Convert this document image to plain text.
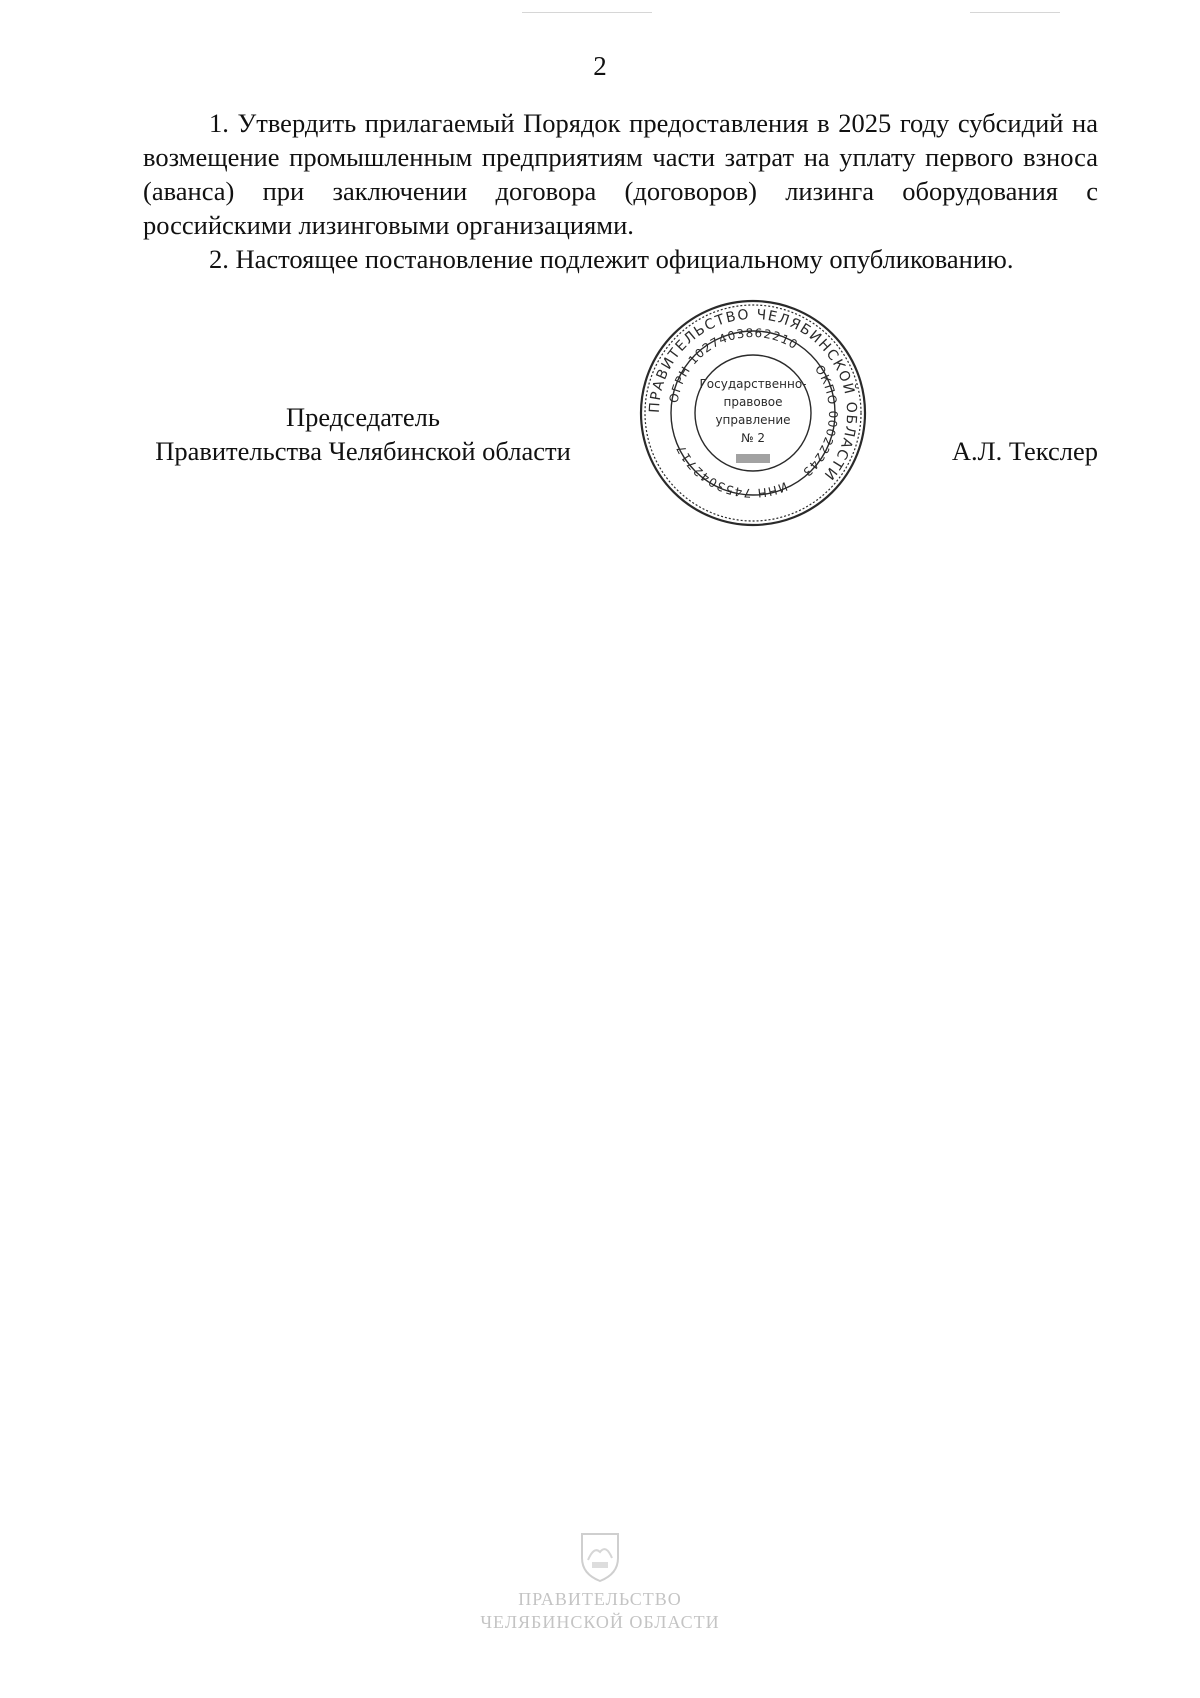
2

1. Утвердить прилагаемый Порядок предоставления в 2025 году субсидий на возмещение промышленным предприятиям части затрат на уплату первого взноса (аванса) при заключении договора (договоров) лизинга оборудования с российскими лизинговыми организациями.

2. Настоящее постановление подлежит официальному опубликованию.

Председатель
Правительства Челябинской области	А.Л. Текслер
ПРАВИТЕЛЬСТВО ЧЕЛЯБИНСКОЙ ОБЛАСТИ
ОГРН 1027403862210
ОКПО 00022243
ИНН 7453042717
Государственно-
правовое
управление
№ 2
ПРАВИТЕЛЬСТВО
ЧЕЛЯБИНСКОЙ ОБЛАСТИ
